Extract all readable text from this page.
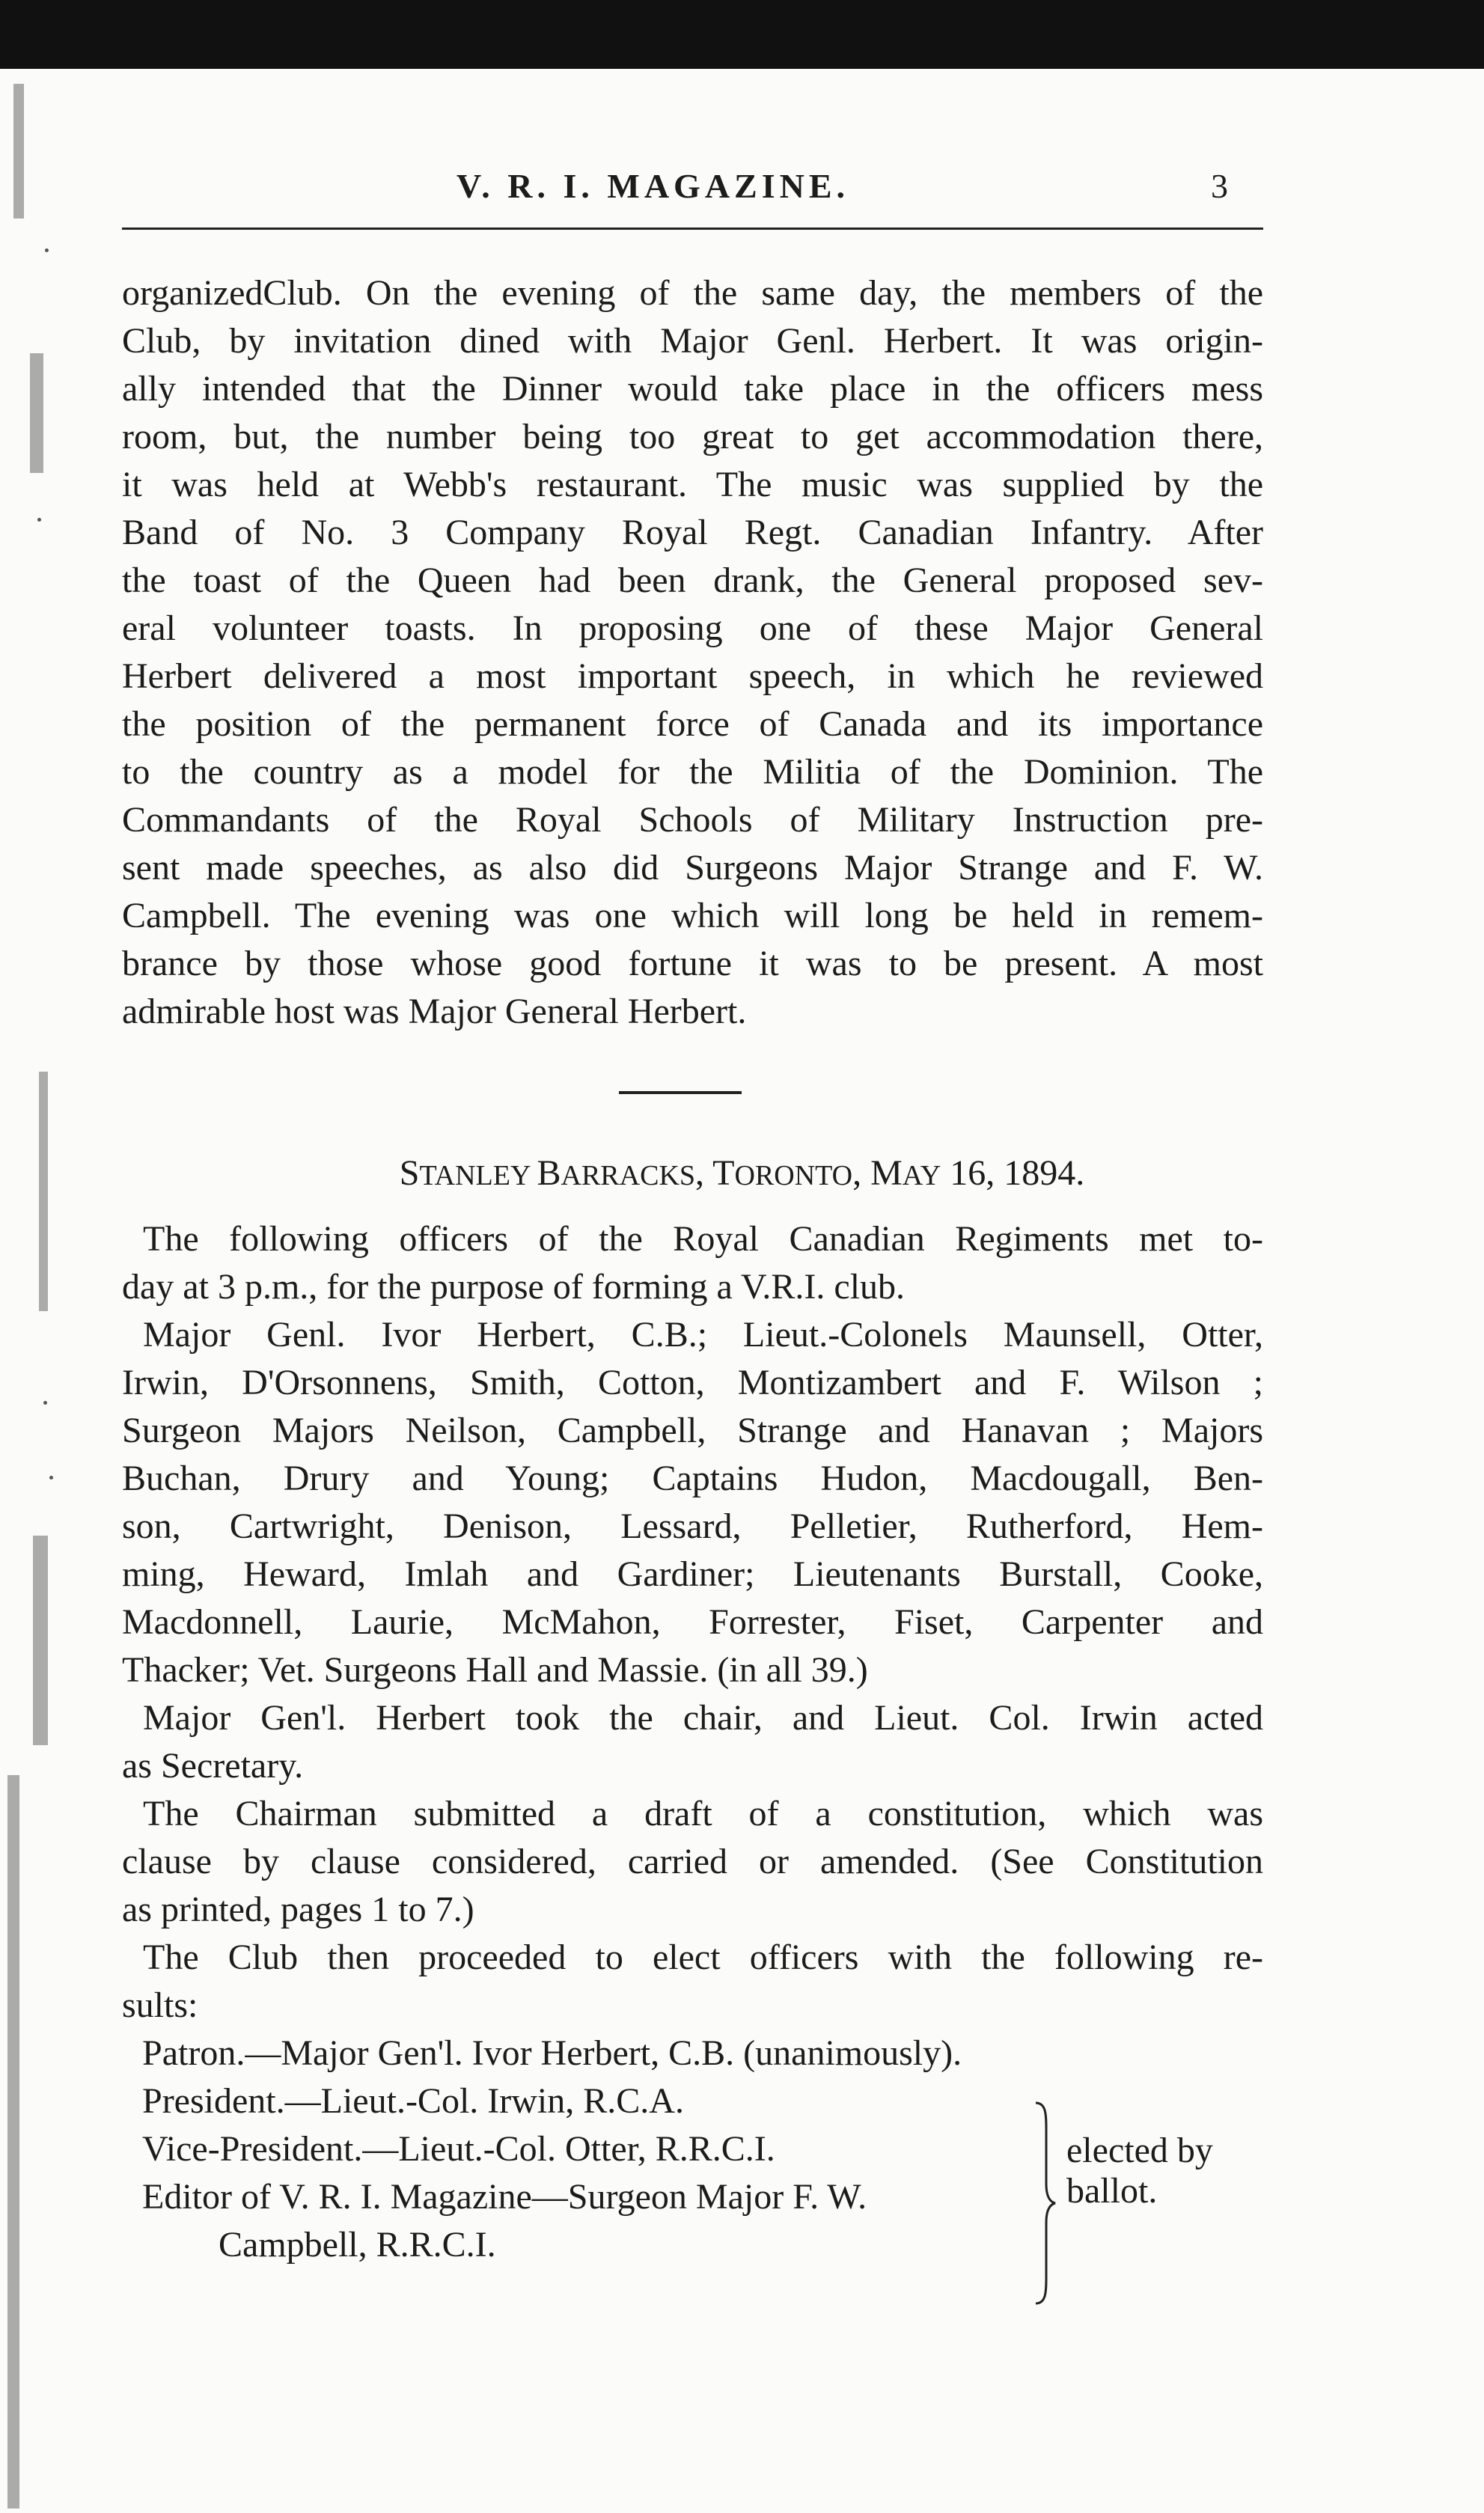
V. R. I. MAGAZINE.	3
organizedClub. On the evening of the same day, the members of the
Club, by invitation dined with Major Genl. Herbert. It was origin-
ally intended that the Dinner would take place in the officers mess
room, but, the number being too great to get accommodation there,
it was held at Webb's restaurant. The music was supplied by the
Band of No. 3 Company Royal Regt. Canadian Infantry. After
the toast of the Queen had been drank, the General proposed sev-
eral volunteer toasts. In proposing one of these Major General
Herbert delivered a most important speech, in which he reviewed
the position of the permanent force of Canada and its importance
to the country as a model for the Militia of the Dominion. The
Commandants of the Royal Schools of Military Instruction pre-
sent made speeches, as also did Surgeons Major Strange and F. W.
Campbell. The evening was one which will long be held in remem-
brance by those whose good fortune it was to be present. A most
admirable host was Major General Herbert.
STANLEY BARRACKS, TORONTO, MAY 16, 1894.
The following officers of the Royal Canadian Regiments met to-
day at 3 p.m., for the purpose of forming a V.R.I. club.
Major Genl. Ivor Herbert, C.B.; Lieut.-Colonels Maunsell, Otter,
Irwin, D'Orsonnens, Smith, Cotton, Montizambert and F. Wilson ;
Surgeon Majors Neilson, Campbell, Strange and Hanavan ; Majors
Buchan, Drury and Young; Captains Hudon, Macdougall, Ben-
son, Cartwright, Denison, Lessard, Pelletier, Rutherford, Hem-
ming, Heward, Imlah and Gardiner; Lieutenants Burstall, Cooke,
Macdonnell, Laurie, McMahon, Forrester, Fiset, Carpenter and
Thacker; Vet. Surgeons Hall and Massie. (in all 39.)
Major Gen'l. Herbert took the chair, and Lieut. Col. Irwin acted
as Secretary.
The Chairman submitted a draft of a constitution, which was
clause by clause considered, carried or amended. (See Constitution
as printed, pages 1 to 7.)
The Club then proceeded to elect officers with the following re-
sults:
Patron.—Major Gen'l. Ivor Herbert, C.B. (unanimously).
President.—Lieut.-Col. Irwin, R.C.A.
Vice-President.—Lieut.-Col. Otter, R.R.C.I.
Editor of V. R. I. Magazine—Surgeon Major F. W.
Campbell, R.R.C.I.
elected by
ballot.
